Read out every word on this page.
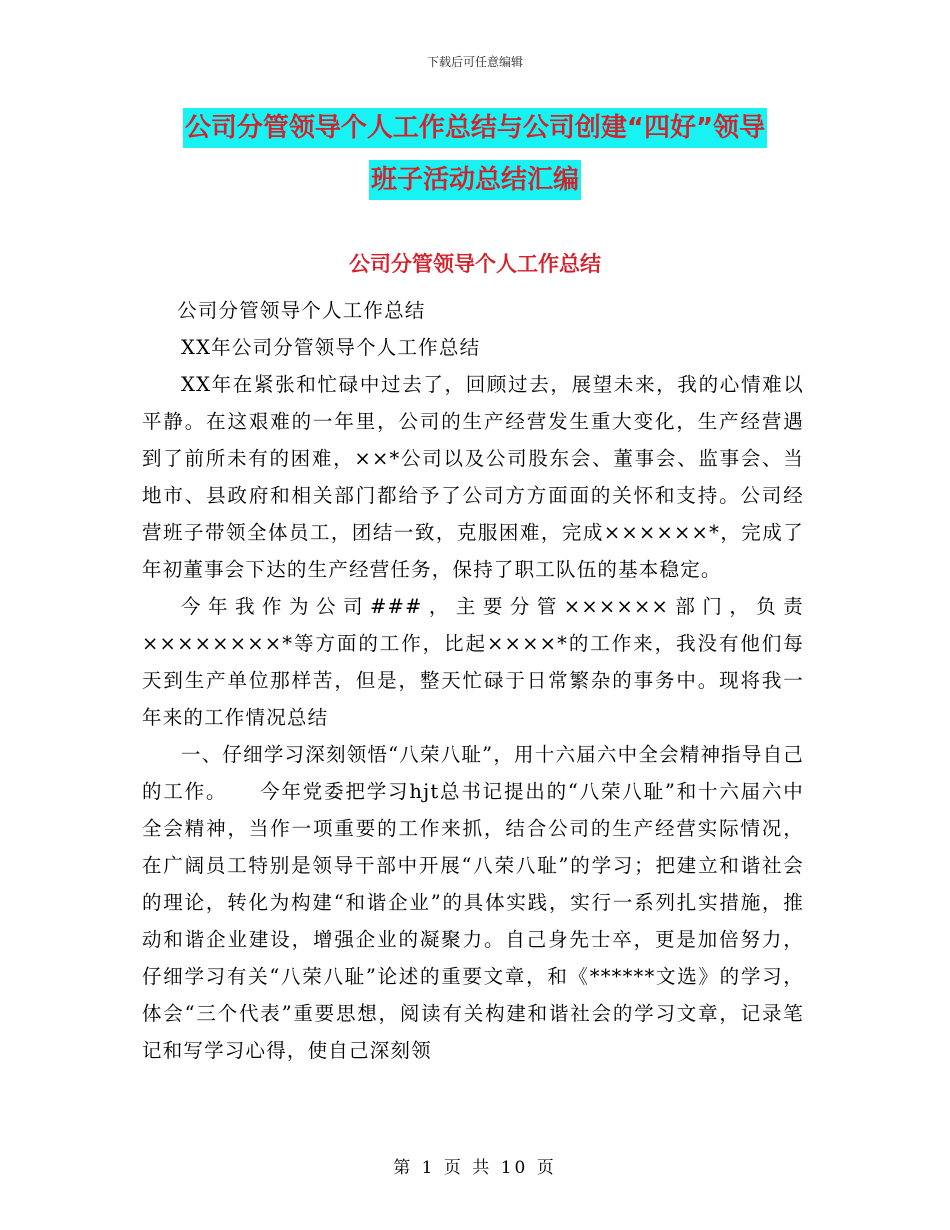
下载后可任意编辑
公司分管领导个人工作总结与公司创建“四好”领导
班子活动总结汇编
公司分管领导个人工作总结

公司分管领导个人工作总结

XX年公司分管领导个人工作总结

XX年在紧张和忙碌中过去了，回顾过去，展望未来，我的心情难以平静。在这艰难的一年里，公司的生产经营发生重大变化，生产经营遇到了前所未有的困难，××*公司以及公司股东会、董事会、监事会、当地市、县政府和相关部门都给予了公司方方面面的关怀和支持。公司经营班子带领全体员工，团结一致，克服困难，完成××××××*，完成了年初董事会下达的生产经营任务，保持了职工队伍的基本稳定。

今年我作为公司###，主要分管××××××部门，负责××××××××*等方面的工作，比起××××*的工作来，我没有他们每天到生产单位那样苦，但是，整天忙碌于日常繁杂的事务中。现将我一年来的工作情况总结

一、仔细学习深刻领悟“八荣八耻”，用十六届六中全会精神指导自己的工作。　　今年党委把学习hjt总书记提出的“八荣八耻”和十六届六中全会精神，当作一项重要的工作来抓，结合公司的生产经营实际情况，在广阔员工特别是领导干部中开展“八荣八耻”的学习；把建立和谐社会的理论，转化为构建“和谐企业”的具体实践，实行一系列扎实措施，推动和谐企业建设，增强企业的凝聚力。自己身先士卒，更是加倍努力，仔细学习有关“八荣八耻”论述的重要文章，和《******文选》的学习，体会“三个代表”重要思想，阅读有关构建和谐社会的学习文章，记录笔记和写学习心得，使自己深刻领

第 1 页 共 10 页
